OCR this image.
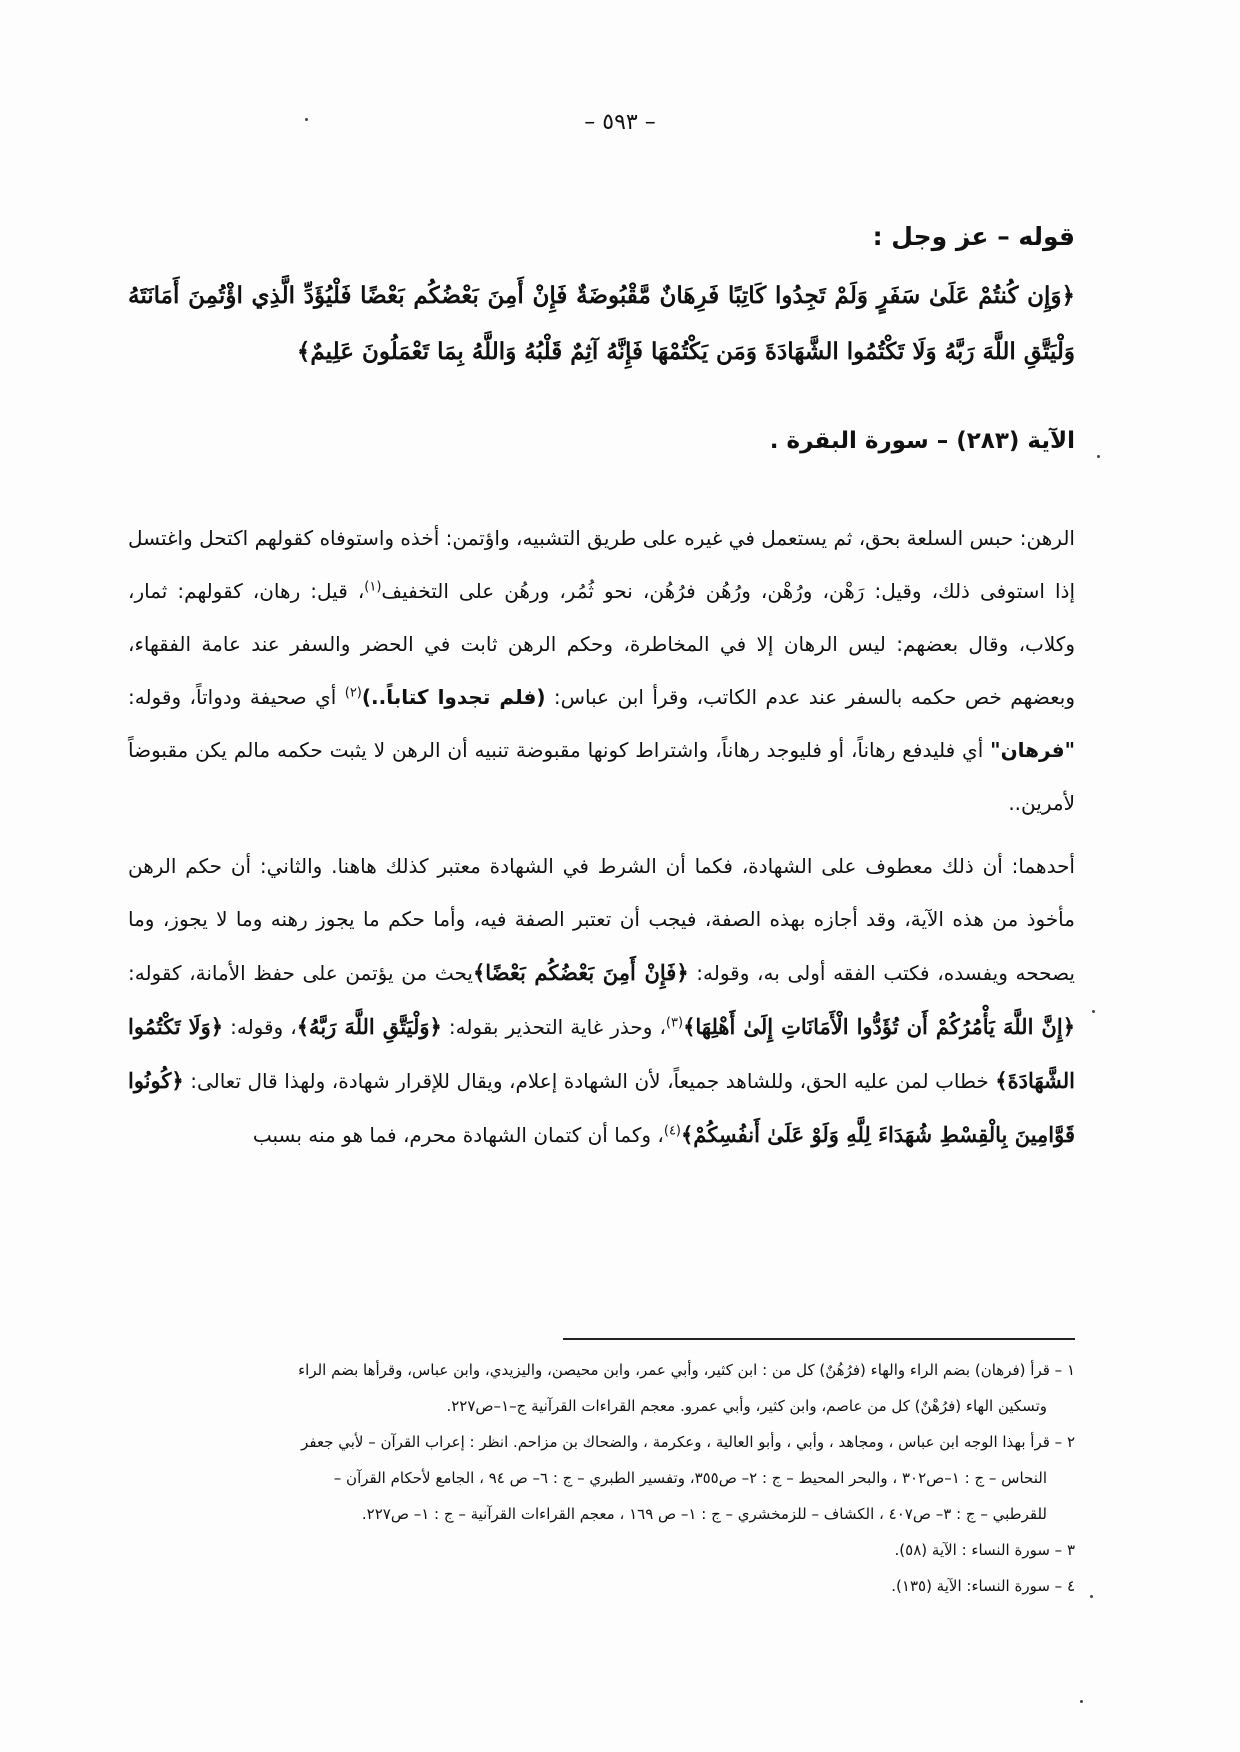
– ٥٩٣ –
قوله – عز وجل :
﴿وَإِن كُنتُمْ عَلَىٰ سَفَرٍ وَلَمْ تَجِدُوا كَاتِبًا فَرِهَانٌ مَّقْبُوضَةٌ فَإِنْ أَمِنَ بَعْضُكُم بَعْضًا فَلْيُؤَدِّ الَّذِي اؤْتُمِنَ أَمَانَتَهُ وَلْيَتَّقِ اللَّهَ رَبَّهُ وَلَا تَكْتُمُوا الشَّهَادَةَ وَمَن يَكْتُمْهَا فَإِنَّهُ آثِمٌ قَلْبُهُ وَاللَّهُ بِمَا تَعْمَلُونَ عَلِيمٌ﴾
الآية (٢٨٣) – سورة البقرة .

الرهن: حبس السلعة بحق، ثم يستعمل في غيره على طريق التشبيه، واؤتمن: أخذه واستوفاه كقولهم اكتحل واغتسل إذا استوفى ذلك، وقيل: رَهْن، ورُهْن، ورُهُن فرُهُن، نحو ثُمُر، ورهُن على التخفيف$^{(١)}$، قيل: رهان، كقولهم: ثمار، وكلاب، وقال بعضهم: ليس الرهان إلا في المخاطرة، وحكم الرهن ثابت في الحضر والسفر عند عامة الفقهاء، وبعضهم خص حكمه بالسفر عند عدم الكاتب، وقرأ ابن عباس: (فلم تجدوا كتاباً..)$^{(٢)}$ أي صحيفة ودواتاً، وقوله: "فرهان" أي فليدفع رهاناً، أو فليوجد رهاناً، واشتراط كونها مقبوضة تنبيه أن الرهن لا يثبت حكمه مالم يكن مقبوضاً لأمرين..

أحدهما: أن ذلك معطوف على الشهادة، فكما أن الشرط في الشهادة معتبر كذلك هاهنا. والثاني: أن حكم الرهن مأخوذ من هذه الآية، وقد أجازه بهذه الصفة، فيجب أن تعتبر الصفة فيه، وأما حكم ما يجوز رهنه وما لا يجوز، وما يصححه ويفسده، فكتب الفقه أولى به، وقوله: ﴿فَإِنْ أَمِنَ بَعْضُكُم بَعْضًا﴾يحث من يؤتمن على حفظ الأمانة، كقوله: ﴿إِنَّ اللَّهَ يَأْمُرُكُمْ أَن تُؤَدُّوا الْأَمَانَاتِ إِلَىٰ أَهْلِهَا﴾$^{(٣)}$، وحذر غاية التحذير بقوله: ﴿وَلْيَتَّقِ اللَّهَ رَبَّهُ﴾، وقوله: ﴿وَلَا تَكْتُمُوا الشَّهَادَةَ﴾ خطاب لمن عليه الحق، وللشاهد جميعاً، لأن الشهادة إعلام، ويقال للإقرار شهادة، ولهذا قال تعالى: ﴿كُونُوا قَوَّامِينَ بِالْقِسْطِ شُهَدَاءَ لِلَّهِ وَلَوْ عَلَىٰ أَنفُسِكُمْ﴾$^{(٤)}$، وكما أن كتمان الشهادة محرم، فما هو منه بسبب

١ – قرأ (فرهان) بضم الراء والهاء (فرُهُنٌ) كل من : ابن كثير، وأبي عمر، وابن محيصن، واليزيدي، وابن عباس، وقرأها بضم الراء

وتسكين الهاء (فرُهْنٌ) كل من عاصم، وابن كثير، وأبي عمرو. معجم القراءات القرآنية ج–١–ص٢٢٧.

٢ – قرأ بهذا الوجه ابن عباس ، ومجاهد ، وأبي ، وأبو العالية ، وعكرمة ، والضحاك بن مزاحم. انظر : إعراب القرآن – لأبي جعفر

النحاس – ج : ١–ص٣٠٢ ، والبحر المحيط – ج : ٢– ص٣٥٥، وتفسير الطبري – ج : ٦– ص ٩٤ ، الجامع لأحكام القرآن –

للقرطبي – ج : ٣– ص٤٠٧ ، الكشاف – للزمخشري – ج : ١– ص ١٦٩ ، معجم القراءات القرآنية – ج : ١– ص٢٢٧.

٣ – سورة النساء : الآية (٥٨).

٤ – سورة النساء: الآية (١٣٥).
